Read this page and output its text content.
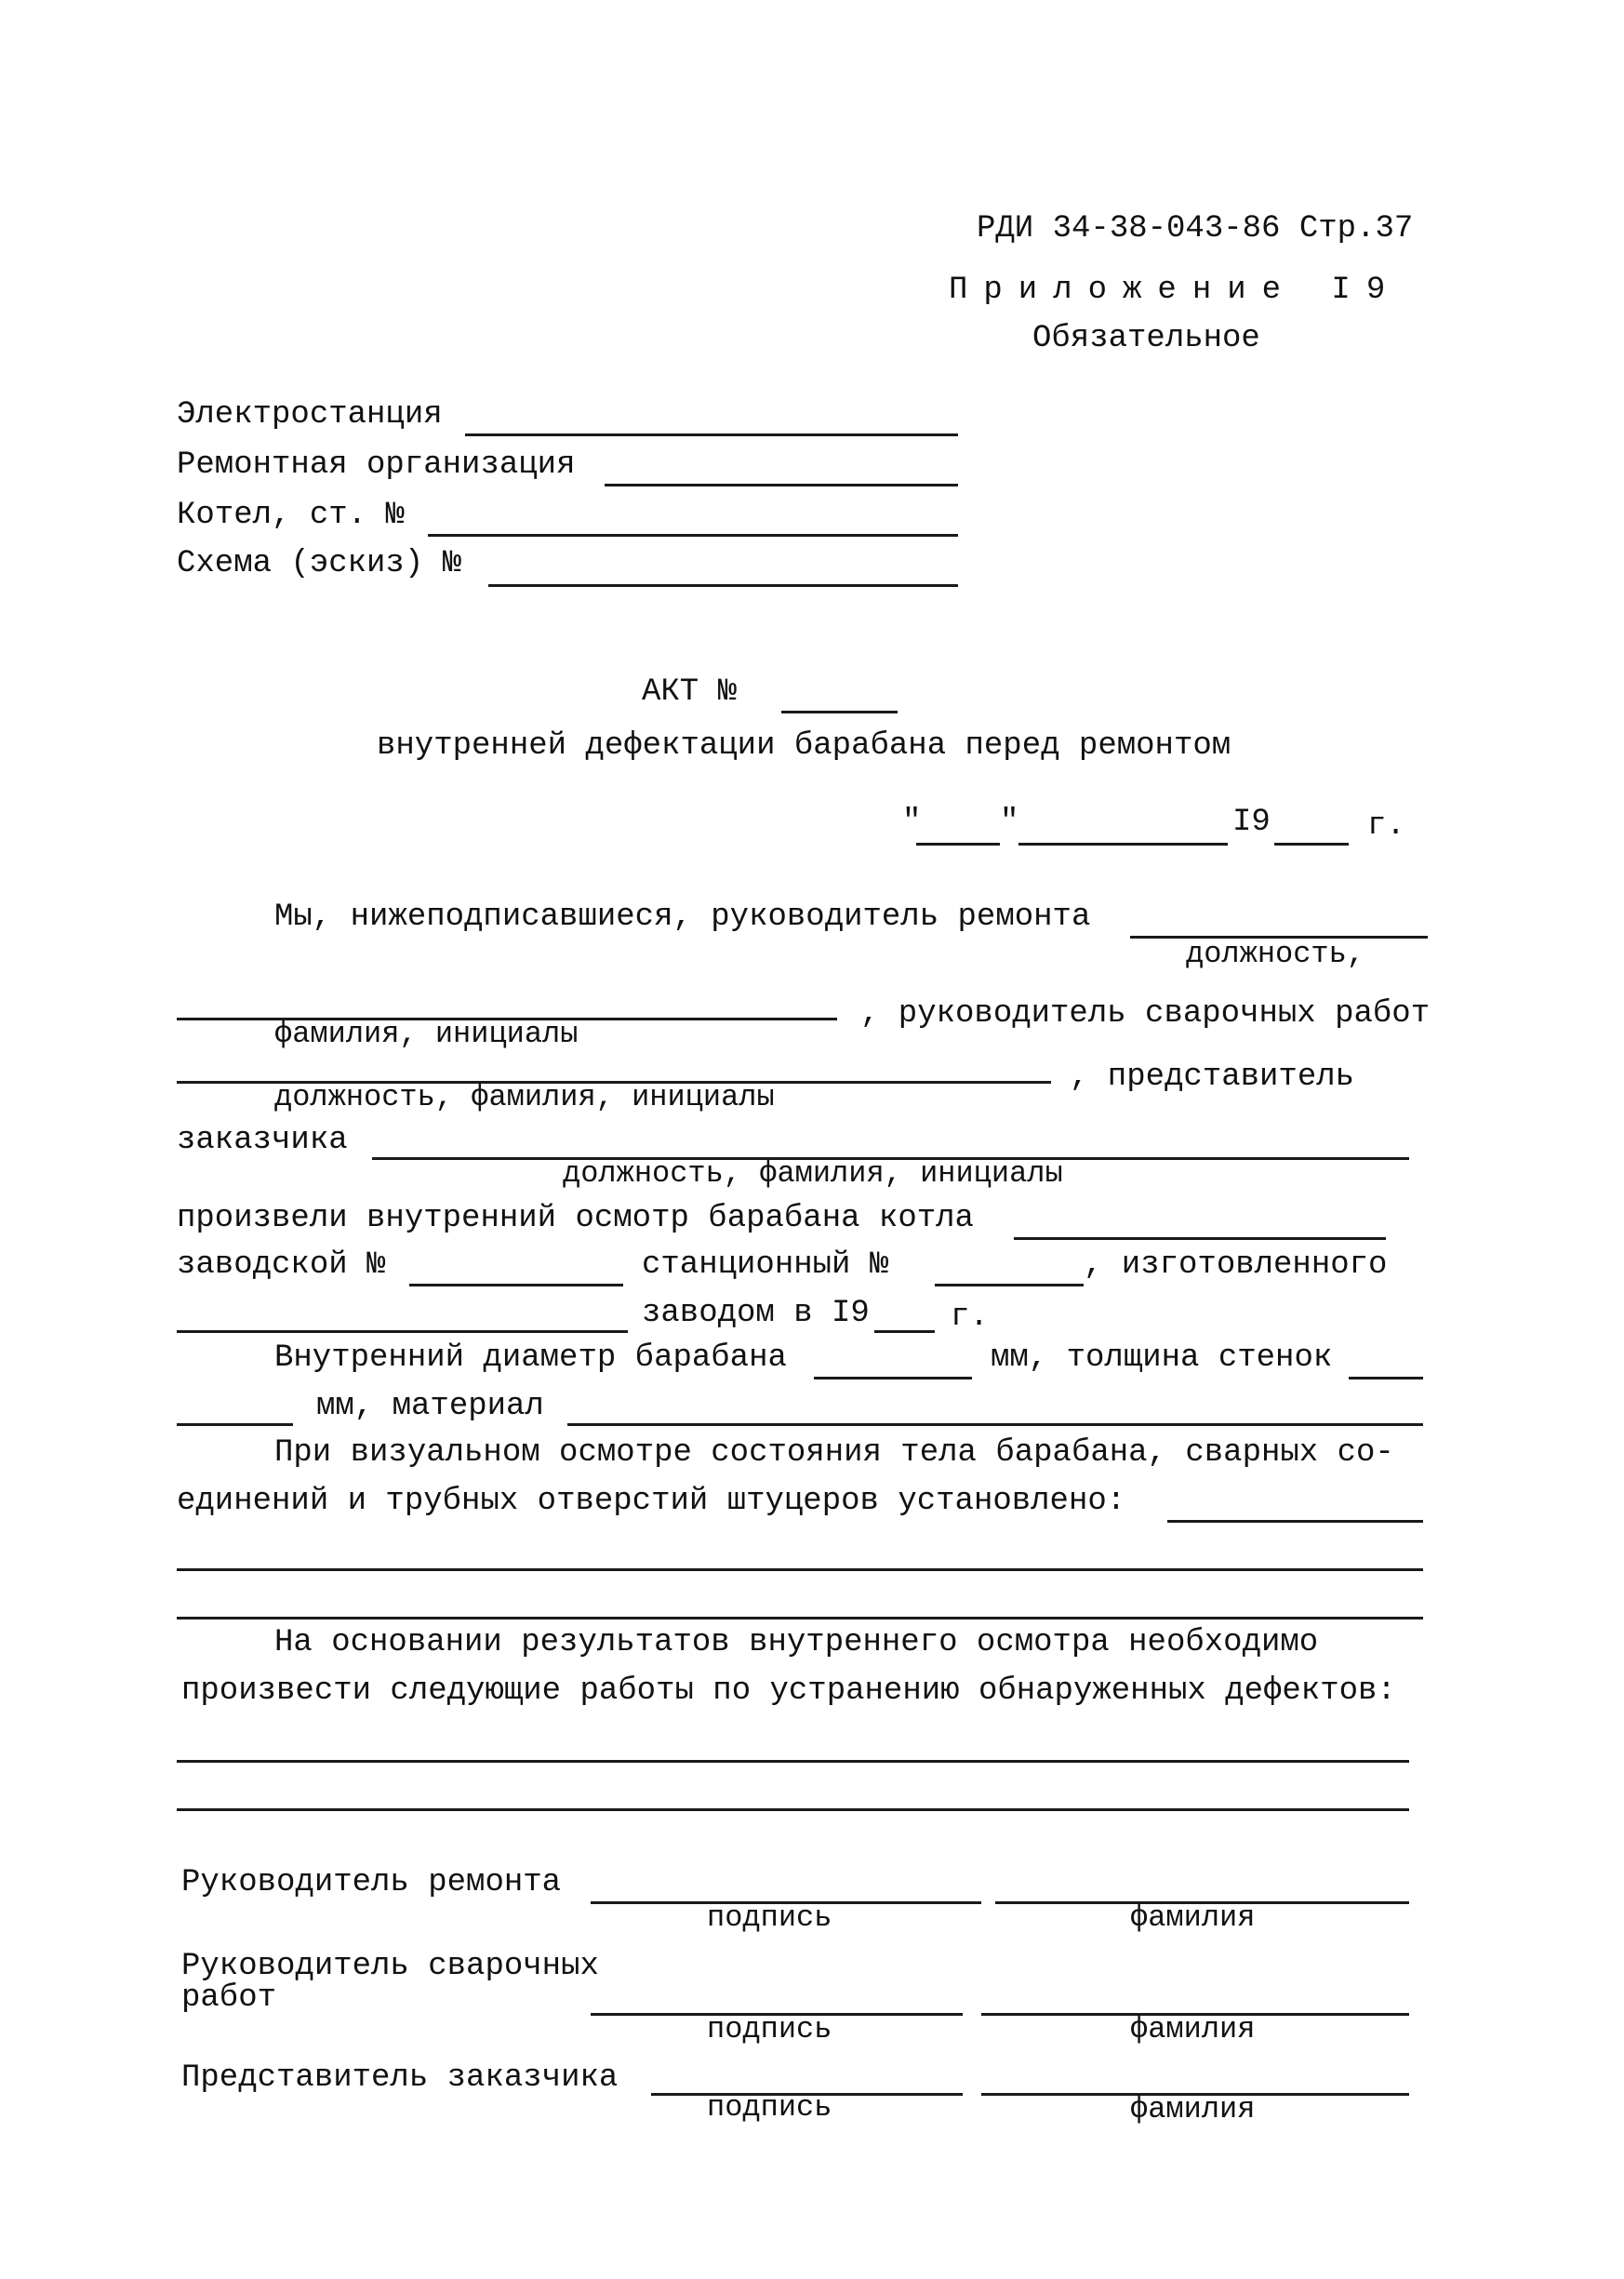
РДИ 34-38-043-86 Стр.37
Приложение I9
Обязательное
Электростанция
Ремонтная организация
Котел, ст. №
Схема (эскиз) №
АКТ №
внутренней дефектации барабана перед ремонтом
" "	I9	г.
Мы, нижеподписавшиеся, руководитель ремонта
должность,
фамилия, инициалы
, руководитель сварочных работ
должность, фамилия, инициалы
, представитель
заказчика
должность, фамилия, инициалы
произвели внутренний осмотр барабана котла
заводской №	станционный №	, изготовленного
заводом в I9	г.
Внутренний диаметр барабана	мм, толщина стенок
мм, материал
При визуальном осмотре состояния тела барабана, сварных со-
единений и трубных отверстий штуцеров установлено:
На основании результатов внутреннего осмотра необходимо
произвести следующие работы по устранению обнаруженных дефектов:
Руководитель ремонта
подпись	фамилия
Руководитель сварочных
работ
подпись	фамилия
Представитель заказчика
подпись	фамилия
